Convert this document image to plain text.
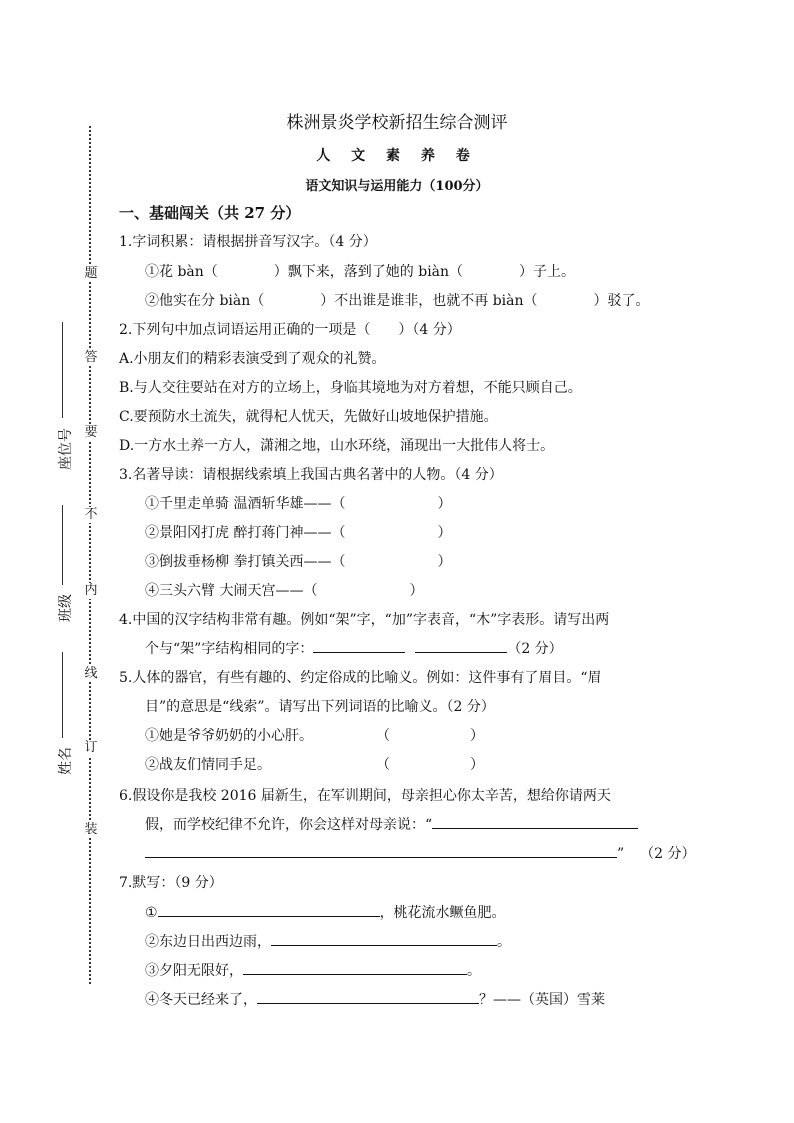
题
答
要
不
内
线
订
装
座位号
班级
姓名
株洲景炎学校新招生综合测评
人 文 素 养 卷
语文知识与运用能力（100分）
一、基础闯关（共 27 分）
1.字词积累：请根据拼音写汉字。（4 分）
①花 bàn（	）飘下来，落到了她的 biàn（	）子上。
②他实在分 biàn（	）不出谁是谁非，也就不再 biàn（	）驳了。
2.下列句中加点词语运用正确的一项是（　　）（4 分）
A.小朋友们的精彩表演受到了观众的礼赞。
B.与人交往要站在对方的立场上，身临其境地为对方着想，不能只顾自己。
C.要预防水土流失，就得杞人忧天，先做好山坡地保护措施。
D.一方水土养一方人，潇湘之地，山水环绕，涌现出一大批伟人将士。
3.名著导读：请根据线索填上我国古典名著中的人物。（4 分）
①千里走单骑 温酒斩华雄——（	）
②景阳冈打虎 醉打蒋门神——（	）
③倒拔垂杨柳 拳打镇关西——（	）
④三头六臂 大闹天宫——（	）
4.中国的汉字结构非常有趣。例如“架”字，“加”字表音，“木”字表形。请写出两
个与“架”字结构相同的字：	（2 分）
5.人体的器官，有些有趣的、约定俗成的比喻义。例如：这件事有了眉目。“眉
目”的意思是“线索”。请写出下列词语的比喻义。（2 分）
①她是爷爷奶奶的小心肝。	（	）
②战友们情同手足。	（	）
6.假设你是我校 2016 届新生，在军训期间，母亲担心你太辛苦，想给你请两天
假，而学校纪律不允许，你会这样对母亲说：“
” （2 分）
7.默写：（9 分）
①	，桃花流水鳜鱼肥。
②东边日出西边雨，	。
③夕阳无限好，	。
④冬天已经来了，	？——（英国）雪莱
